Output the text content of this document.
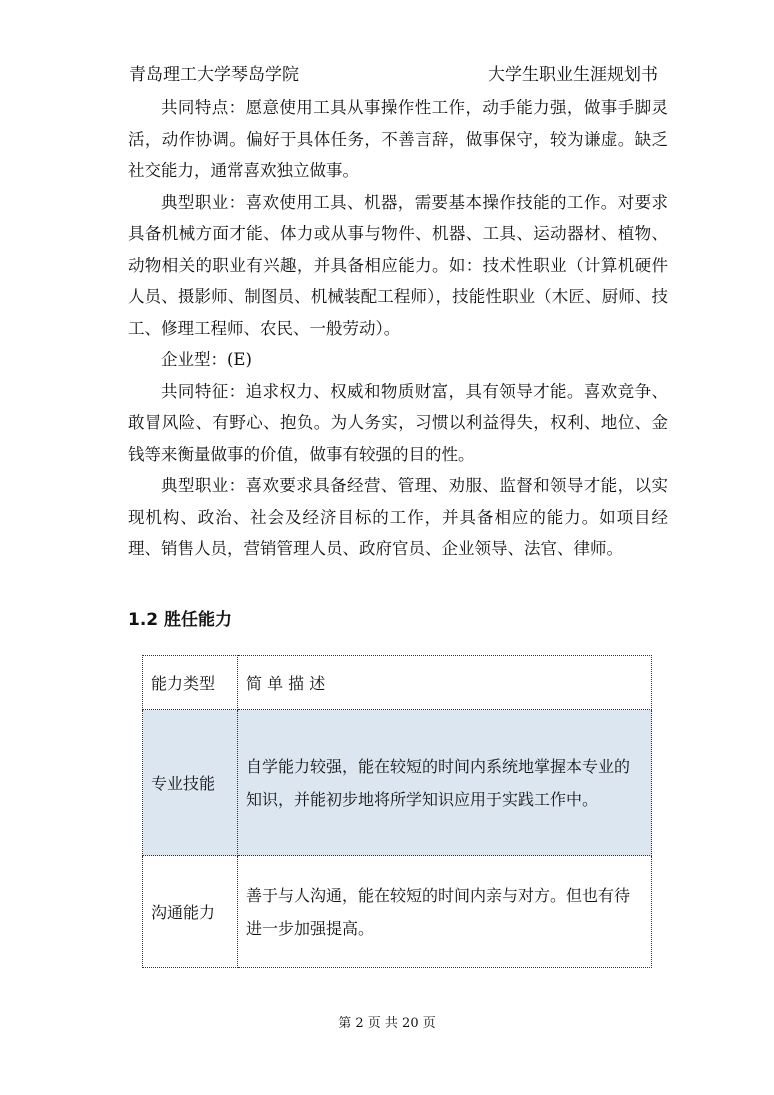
青岛理工大学琴岛学院	大学生职业生涯规划书

共同特点：愿意使用工具从事操作性工作，动手能力强，做事手脚灵活，动作协调。偏好于具体任务，不善言辞，做事保守，较为谦虚。缺乏社交能力，通常喜欢独立做事。

典型职业：喜欢使用工具、机器，需要基本操作技能的工作。对要求具备机械方面才能、体力或从事与物件、机器、工具、运动器材、植物、动物相关的职业有兴趣，并具备相应能力。如：技术性职业（计算机硬件人员、摄影师、制图员、机械装配工程师），技能性职业（木匠、厨师、技工、修理工程师、农民、一般劳动）。

企业型：(E)

共同特征：追求权力、权威和物质财富，具有领导才能。喜欢竞争、敢冒风险、有野心、抱负。为人务实，习惯以利益得失，权利、地位、金钱等来衡量做事的价值，做事有较强的目的性。

典型职业：喜欢要求具备经营、管理、劝服、监督和领导才能，以实现机构、政治、社会及经济目标的工作，并具备相应的能力。如项目经理、销售人员，营销管理人员、政府官员、企业领导、法官、律师。

1.2 胜任能力
能力类型	简 单 描 述
专业技能	自学能力较强，能在较短的时间内系统地掌握本专业的知识，并能初步地将所学知识应用于实践工作中。
沟通能力	善于与人沟通，能在较短的时间内亲与对方。但也有待进一步加强提高。
第 2 页 共 20 页
